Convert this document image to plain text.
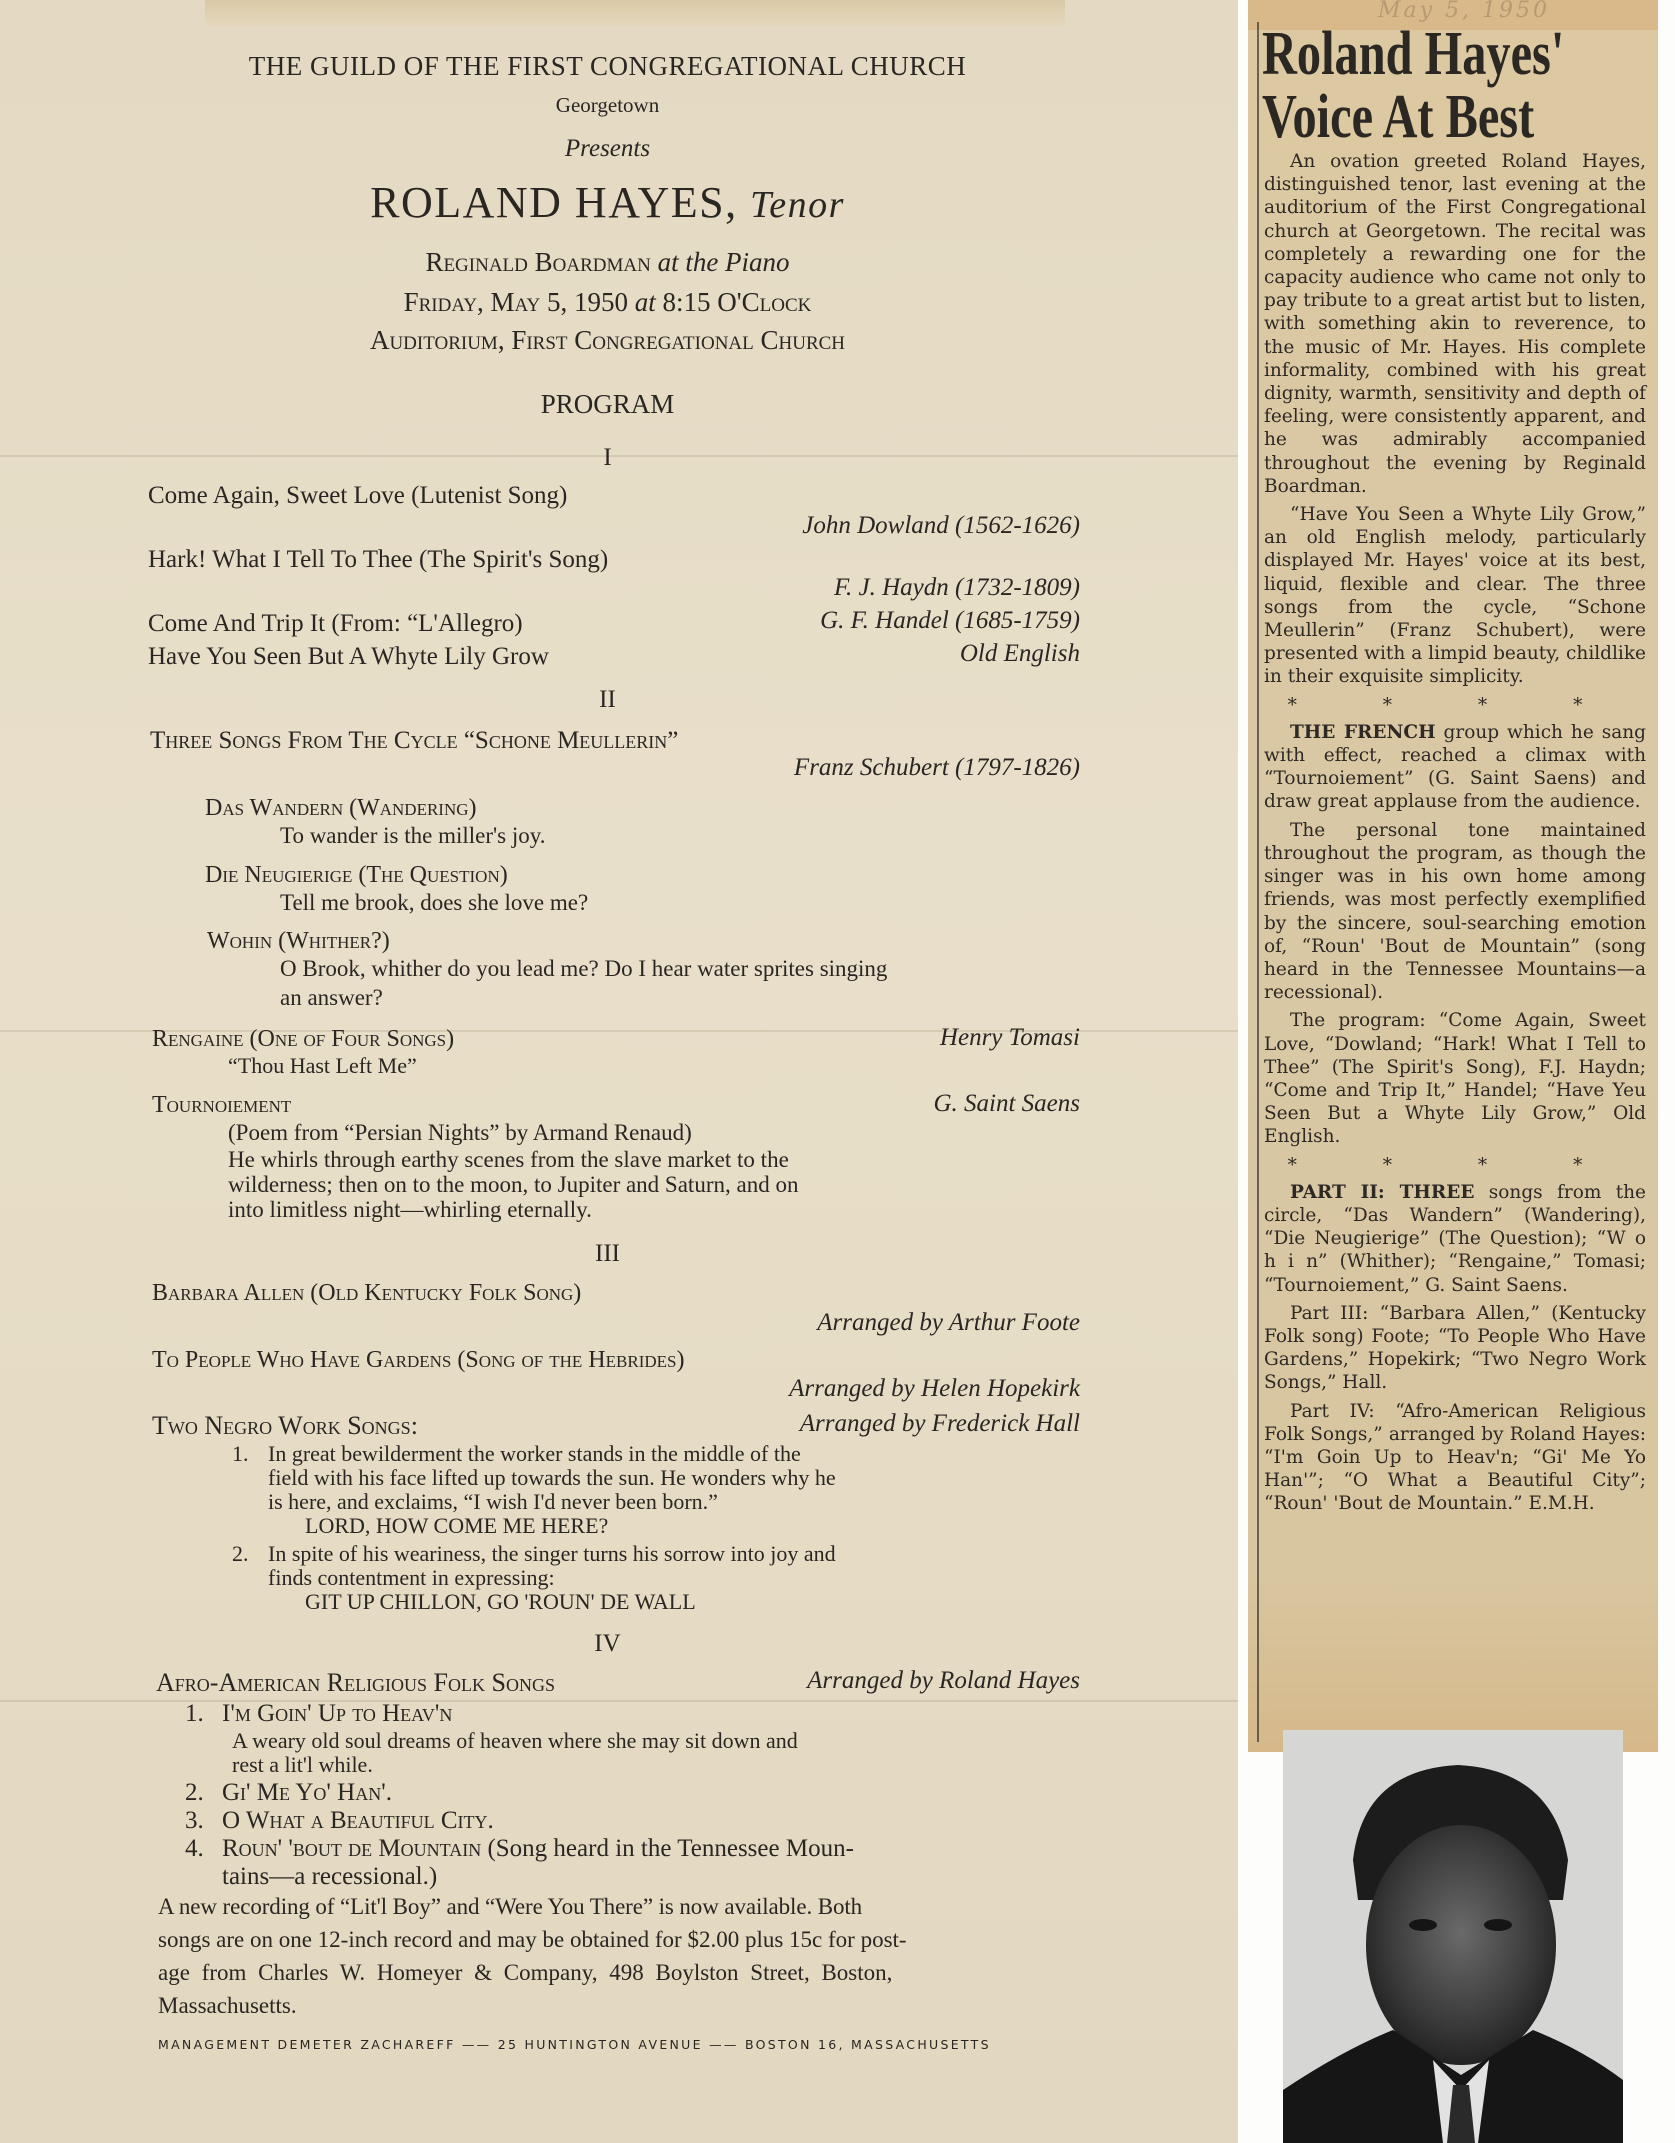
THE GUILD OF THE FIRST CONGREGATIONAL CHURCH
Georgetown
Presents
ROLAND HAYES, Tenor
Reginald Boardman at the Piano
Friday, May 5, 1950 at 8:15 O'Clock
Auditorium, First Congregational Church
PROGRAM
I
Come Again, Sweet Love (Lutenist Song)
John Dowland (1562-1626)
Hark! What I Tell To Thee (The Spirit's Song)
F. J. Haydn (1732-1809)
Come And Trip It (From: “L'Allegro)	G. F. Handel (1685-1759)
Have You Seen But A Whyte Lily Grow	Old English
II
Three Songs From The Cycle “Schone Meullerin”
Franz Schubert (1797-1826)
Das Wandern (Wandering)
To wander is the miller's joy.
Die Neugierige (The Question)
Tell me brook, does she love me?
Wohin (Whither?)
O Brook, whither do you lead me? Do I hear water sprites singing
an answer?
Rengaine (One of Four Songs)	Henry Tomasi
“Thou Hast Left Me”
Tournoiement	G. Saint Saens
(Poem from “Persian Nights” by Armand Renaud)
He whirls through earthy scenes from the slave market to the
wilderness; then on to the moon, to Jupiter and Saturn, and on
into limitless night—whirling eternally.
III
Barbara Allen (Old Kentucky Folk Song)
Arranged by Arthur Foote
To People Who Have Gardens (Song of the Hebrides)
Arranged by Helen Hopekirk
Two Negro Work Songs:	Arranged by Frederick Hall
1. In great bewilderment the worker stands in the middle of the
field with his face lifted up towards the sun. He wonders why he
is here, and exclaims, “I wish I'd never been born.”
LORD, HOW COME ME HERE?
2. In spite of his weariness, the singer turns his sorrow into joy and
finds contentment in expressing:
GIT UP CHILLON, GO 'ROUN' DE WALL
IV
Afro-American Religious Folk Songs	Arranged by Roland Hayes
1. I'm Goin' Up to Heav'n
A weary old soul dreams of heaven where she may sit down and
rest a lit'l while.
2. Gi' Me Yo' Han'.
3. O What a Beautiful City.
4. Roun' 'bout de Mountain (Song heard in the Tennessee Moun-
tains—a recessional.)
A new recording of “Lit'l Boy” and “Were You There” is now available. Both
songs are on one 12-inch record and may be obtained for $2.00 plus 15c for post-
age from Charles W. Homeyer & Company, 498 Boylston Street, Boston,
Massachusetts.
MANAGEMENT DEMETER ZACHAREFF —— 25 HUNTINGTON AVENUE —— BOSTON 16, MASSACHUSETTS
May 5, 1950
Roland Hayes'
Voice At Best

An ovation greeted Roland Hayes, distinguished tenor, last evening at the auditorium of the First Congregational church at Georgetown. The recital was completely a rewarding one for the capacity audience who came not only to pay tribute to a great artist but to listen, with something akin to reverence, to the music of Mr. Hayes. His complete informality, combined with his great dignity, warmth, sensitivity and depth of feeling, were consistently apparent, and he was admirably accompanied throughout the evening by Reginald Boardman.

“Have You Seen a Whyte Lily Grow,” an old English melody, particularly displayed Mr. Hayes' voice at its best, liquid, flexible and clear. The three songs from the cycle, “Schone Meullerin” (Franz Schubert), were presented with a limpid beauty, childlike in their exquisite simplicity.

* * * *

THE FRENCH group which he sang with effect, reached a climax with “Tournoiement” (G. Saint Saens) and draw great applause from the audience.

The personal tone maintained throughout the program, as though the singer was in his own home among friends, was most perfectly exemplified by the sincere, soul-searching emotion of, “Roun' 'Bout de Mountain” (song heard in the Tennessee Mountains—a recessional).

The program: “Come Again, Sweet Love, “Dowland; “Hark! What I Tell to Thee” (The Spirit's Song), F.J. Haydn; “Come and Trip It,” Handel; “Have Yeu Seen But a Whyte Lily Grow,” Old English.

* * * *

PART II: THREE songs from the circle, “Das Wandern” (Wandering), “Die Neugierige” (The Question); “W o h i n” (Whither); “Rengaine,” Tomasi; “Tournoiement,” G. Saint Saens.

Part III: “Barbara Allen,” (Kentucky Folk song) Foote; “To People Who Have Gardens,” Hopekirk; “Two Negro Work Songs,” Hall.

Part IV: “Afro-American Religious Folk Songs,” arranged by Roland Hayes: “I'm Goin Up to Heav'n; “Gi' Me Yo Han'”; “O What a Beautiful City”; “Roun' 'Bout de Mountain.” E.M.H.
